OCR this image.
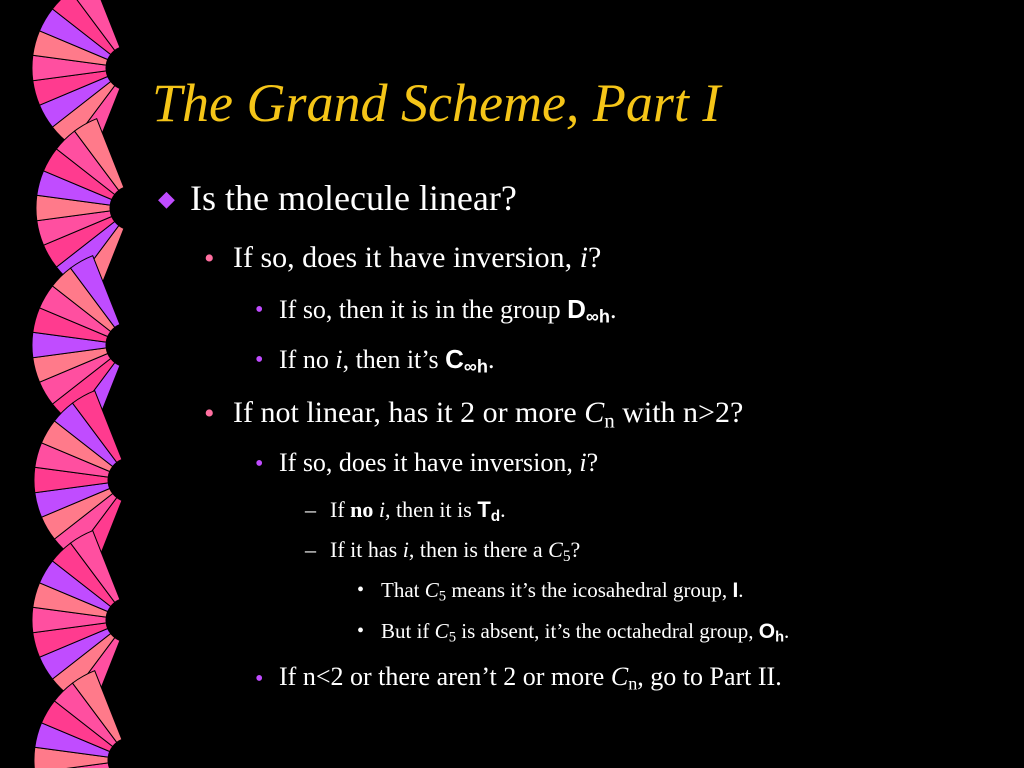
The Grand Scheme, Part I
◆ Is the molecule linear?
• If so, does it have inversion, i?
• If so, then it is in the group $D_{\infty h}$.
• If no i, then it’s $C_{\infty h}$.
• If not linear, has it 2 or more $C_n$ with n>2?
• If so, does it have inversion, i?
– If no i, then it is $T_d$.
– If it has i, then is there a $C_5$?
• That $C_5$ means it’s the icosahedral group, I.
• But if $C_5$ is absent, it’s the octahedral group, $O_h$.
• If n<2 or there aren’t 2 or more $C_n$, go to Part II.
